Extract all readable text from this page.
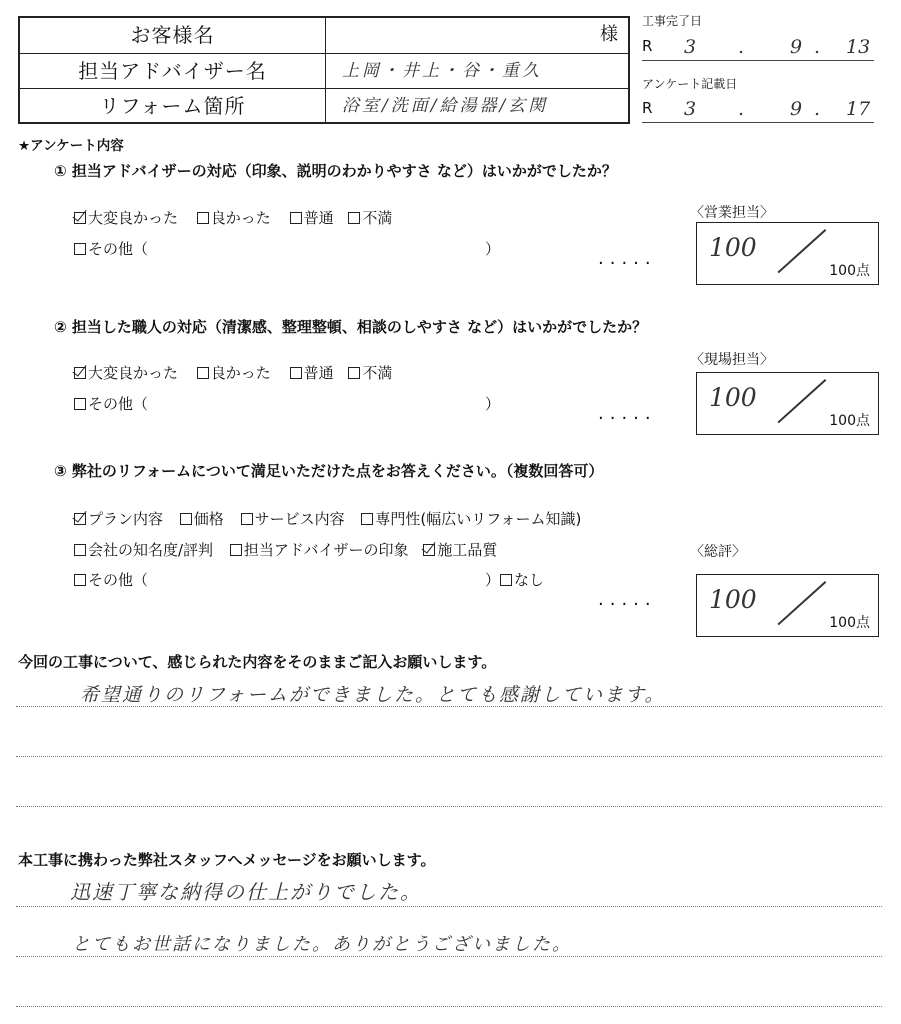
お客様名	様
担当アドバイザー名	上岡・井上・谷・重久
リフォーム箇所	浴室/洗面/給湯器/玄関
工事完了日
R 3 . 9 . 13
アンケート記載日
R 3 . 9 . 17
★アンケート内容
① 担当アドバイザーの対応（印象、説明のわかりやすさ など）はいかがでしたか？
大変良かった 良かった 普通 不満
その他（	）	.....
〈営業担当〉
100
100点
② 担当した職人の対応（清潔感、整理整頓、相談のしやすさ など）はいかがでしたか？
大変良かった 良かった 普通 不満
その他（	）	.....
〈現場担当〉
100
100点
③ 弊社のリフォームについて満足いただけた点をお答えください。（複数回答可）
プラン内容 価格 サービス内容 専門性(幅広いリフォーム知識)
会社の知名度/評判 担当アドバイザーの印象 施工品質
その他（	） なし
.....
〈総評〉
100
100点
今回の工事について、感じられた内容をそのままご記入お願いします。
希望通りのリフォームができました。とても感謝しています。
本工事に携わった弊社スタッフへメッセージをお願いします。
迅速丁寧な納得の仕上がりでした。
とてもお世話になりました。ありがとうございました。
